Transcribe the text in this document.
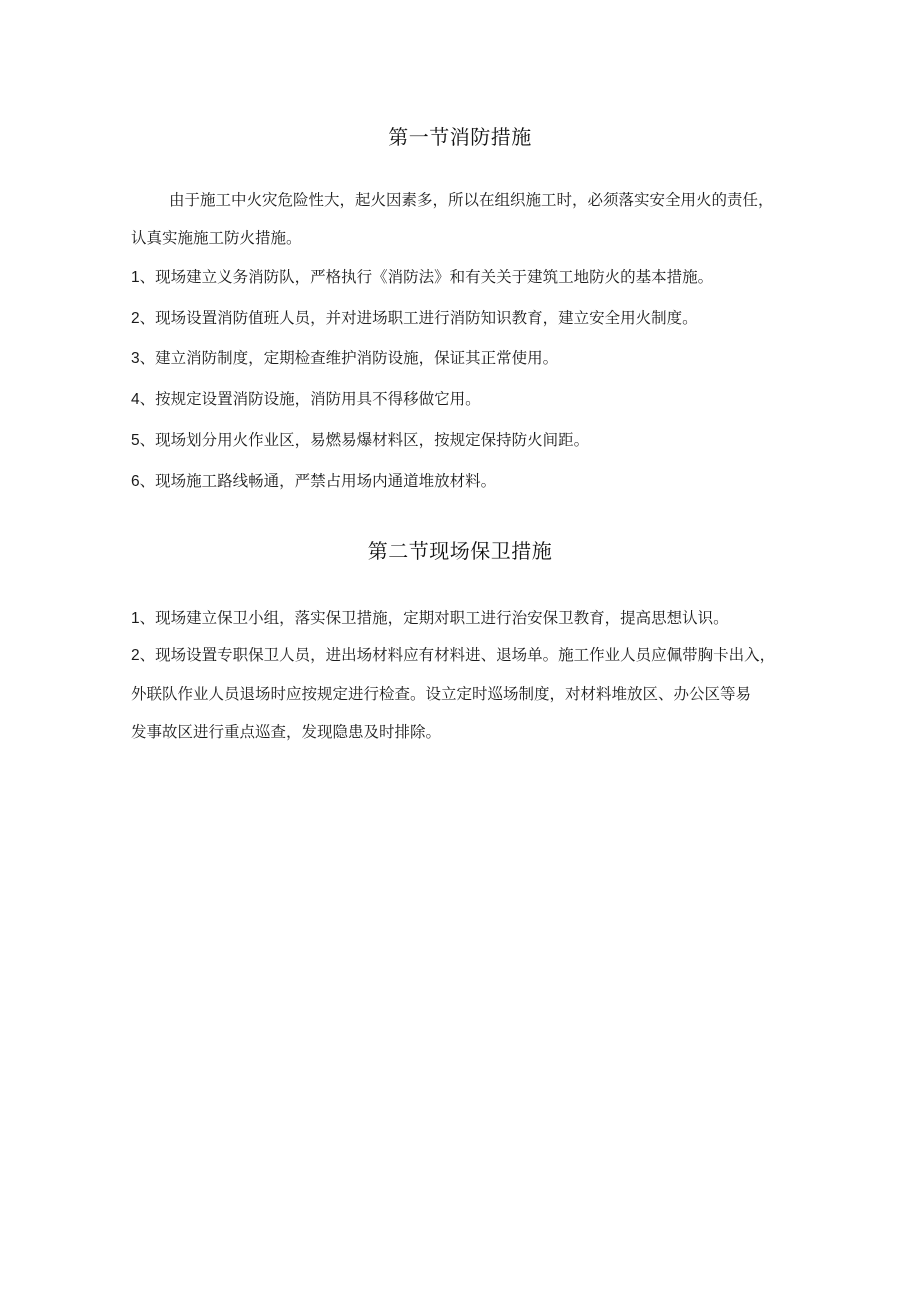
第一节消防措施
由于施工中火灾危险性大，起火因素多，所以在组织施工时，必须落实安全用火的责任，
认真实施施工防火措施。
1、现场建立义务消防队，严格执行《消防法》和有关关于建筑工地防火的基本措施。
2、现场设置消防值班人员，并对进场职工进行消防知识教育，建立安全用火制度。
3、建立消防制度，定期检查维护消防设施，保证其正常使用。
4、按规定设置消防设施，消防用具不得移做它用。
5、现场划分用火作业区，易燃易爆材料区，按规定保持防火间距。
6、现场施工路线畅通，严禁占用场内通道堆放材料。
第二节现场保卫措施
1、现场建立保卫小组，落实保卫措施，定期对职工进行治安保卫教育，提高思想认识。
2、现场设置专职保卫人员，进出场材料应有材料进、退场单。施工作业人员应佩带胸卡出入，
外联队作业人员退场时应按规定进行检查。设立定时巡场制度，对材料堆放区、办公区等易
发事故区进行重点巡查，发现隐患及时排除。
